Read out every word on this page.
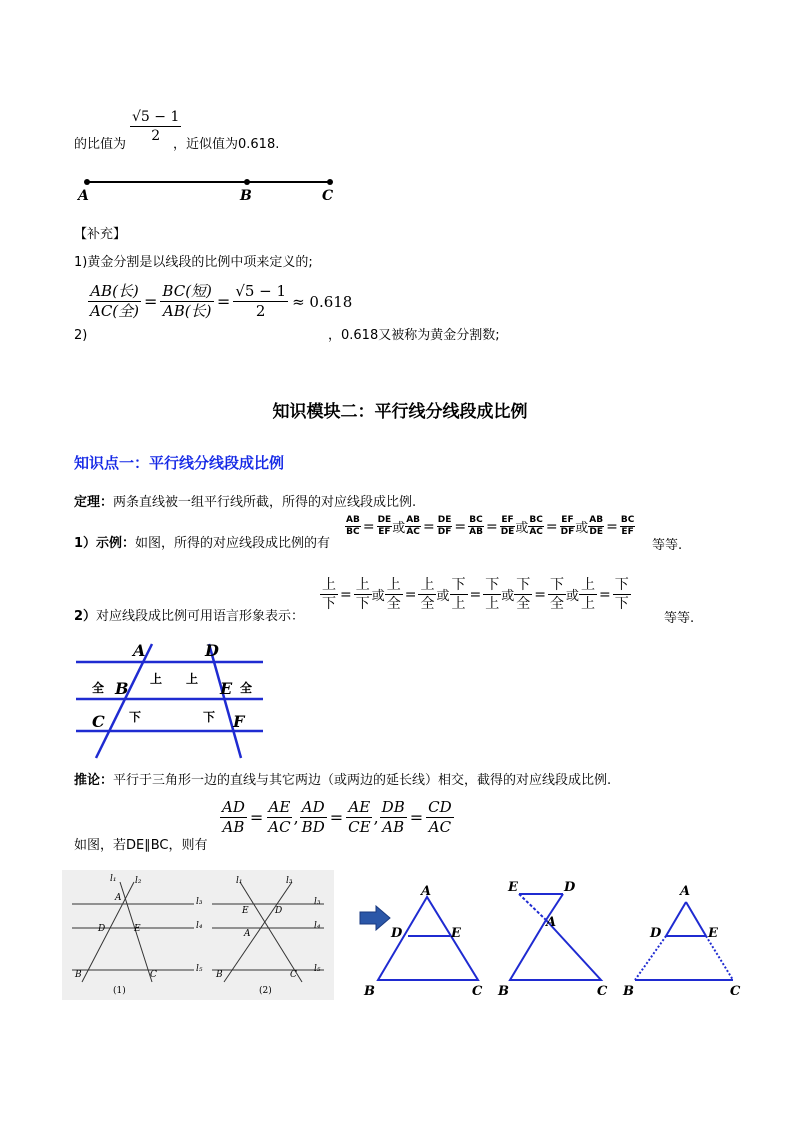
的比值为
$\frac{√5 - 1}{2}$
，近似值为0.618.
A	B	C
【补充】
1)黄金分割是以线段的比例中项来定义的;
2)
$\frac{\text{AB(长)}}{\text{AC(全)}} = \frac{\text{BC(短)}}{\text{AB(长)}} = \frac{√5 - 1}{2} \approx 0.618$
，0.618又被称为黄金分割数;
知识模块二：平行线分线段成比例
知识点一：平行线分线段成比例
定理：两条直线被一组平行线所截，所得的对应线段成比例.
1）示例：如图，所得的对应线段成比例的有
$\frac{AB}{BC} = \frac{DE}{EF}$ 或 $\frac{AB}{AC} = \frac{DE}{DF} = \frac{BC}{AB} = \frac{EF}{DE}$ 或 $\frac{BC}{AC} = \frac{EF}{DF}$ 或 $\frac{AB}{DE} = \frac{BC}{EF}$
等等.
2）对应线段成比例可用语言形象表示：
$\frac{\text{上}}{\text{下}} = \frac{\text{上}}{\text{下}}$ 或 $\frac{\text{上}}{\text{全}} = \frac{\text{上}}{\text{全}}$ 或 $\frac{\text{下}}{\text{上}} = \frac{\text{下}}{\text{上}}$ 或 $\frac{\text{下}}{\text{全}} = \frac{\text{下}}{\text{全}}$ 或 $\frac{\text{上}}{\text{上}} = \frac{\text{下}}{\text{下}}$
等等.
A	D
B	E
C	F
全	全
上 上
下	下
推论：平行于三角形一边的直线与其它两边（或两边的延长线）相交，截得的对应线段成比例.
$\frac{AD}{AB} = \frac{AE}{AC}$ , $\frac{AD}{BD} = \frac{AE}{CE}$ , $\frac{DB}{AB} = \frac{CD}{AC}$
如图，若DE∥BC，则有
l₁ l₂
l₃
l₄
l₅
A
D	E
B	C
(1)
l₁	l₃
l₃
l₄
l₅
E	D
A
B	C
(2)
A
D	E
B	C
E	D
A
B	C
A
D	E
B	C
